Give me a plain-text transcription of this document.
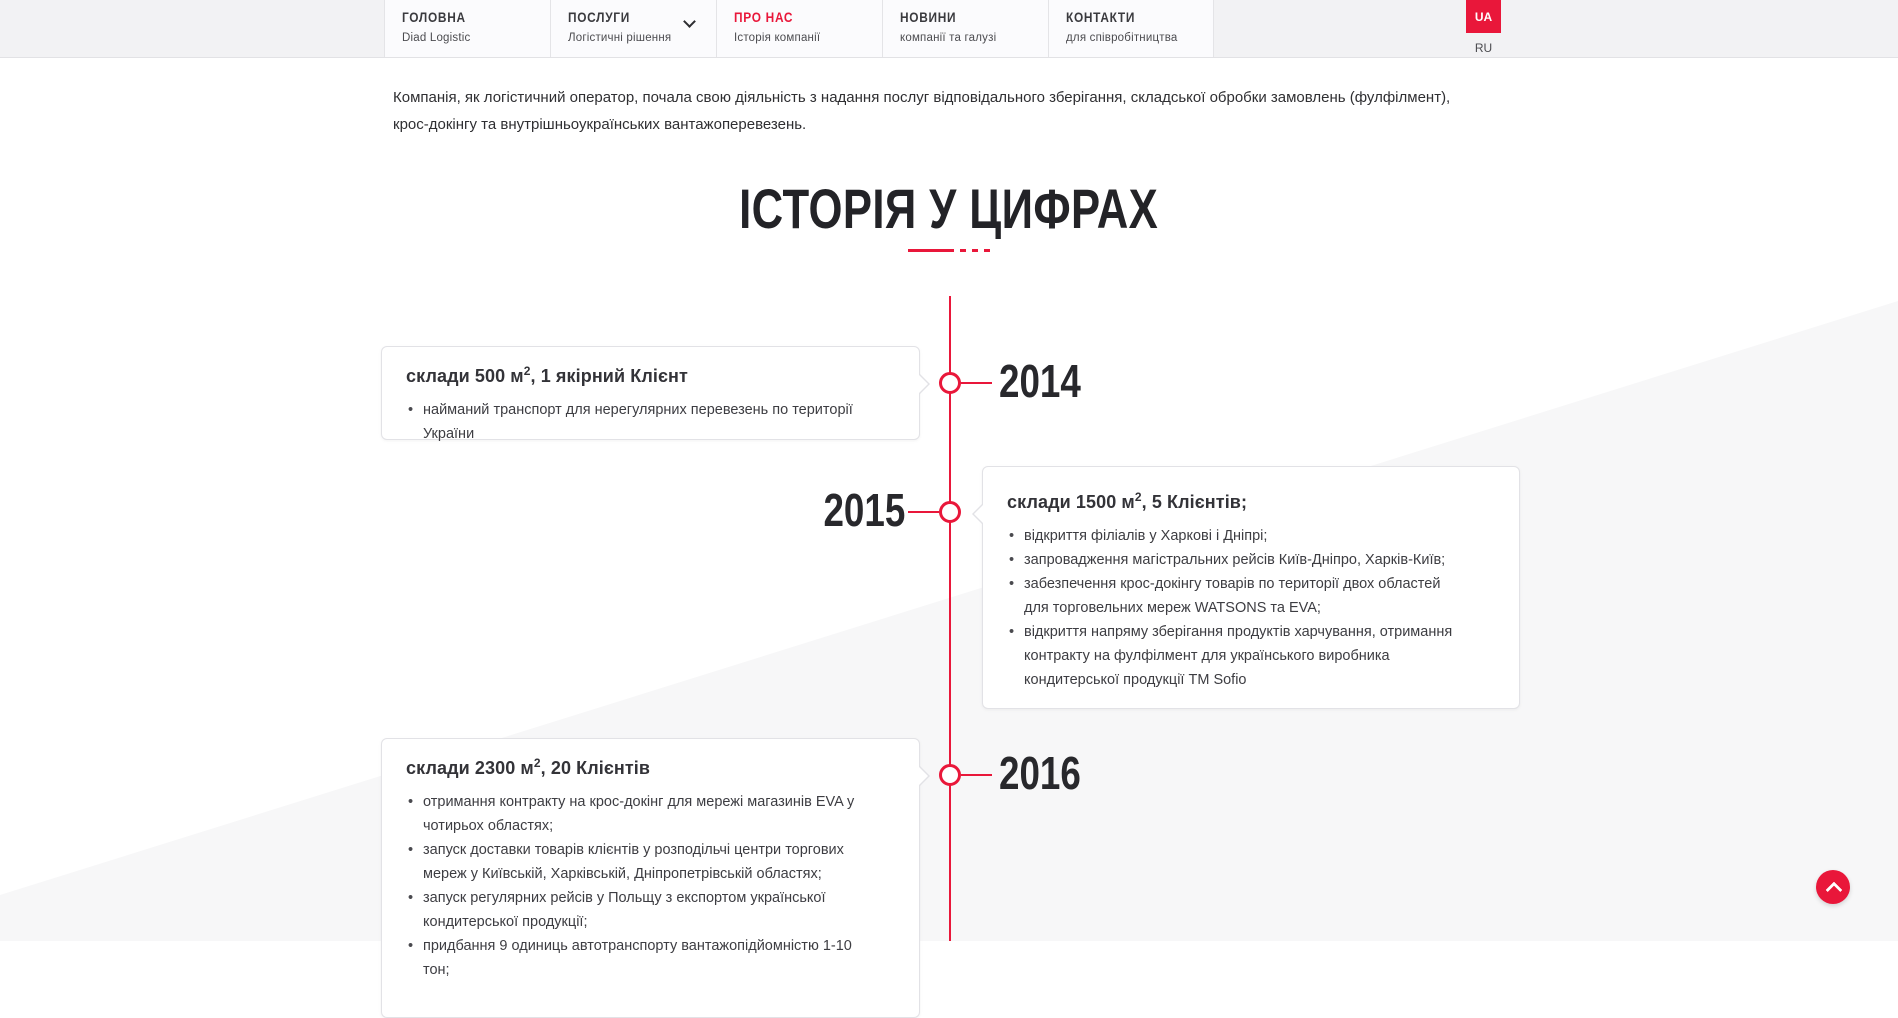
ГОЛОВНА
Diad Logistic
ПОСЛУГИ
Логістичні рішення
ПРО НАС
Історія компанії
НОВИНИ
компанії та галузі
КОНТАКТИ
для співробітництва
UA
RU
Компанія, як логістичний оператор, почала свою діяльність з надання послуг відповідального зберігання, складської обробки замовлень (фулфілмент), крос-докінгу та внутрішньоукраїнських вантажоперевезень.
ІСТОРІЯ У ЦИФРАХ
2014
2015
2016
склади 500 $м^2$, 1 якірний Клієнт
• найманий транспорт для нерегулярних перевезень по території України
склади 1500 $м^2$, 5 Клієнтів;
• відкриття філіалів у Харкові і Дніпрі;
• запровадження магістральних рейсів Київ-Дніпро, Харків-Київ;
• забезпечення крос-докінгу товарів по території двох областей для торговельних мереж WATSONS та EVA;
• відкриття напряму зберігання продуктів харчування, отримання контракту на фулфілмент для українського виробника кондитерської продукції ТМ Sofio
склади 2300 $м^2$, 20 Клієнтів
• отримання контракту на крос-докінг для мережі магазинів EVA у чотирьох областях;
• запуск доставки товарів клієнтів у розподільчі центри торгових мереж у Київській, Харківській, Дніпропетрівській областях;
• запуск регулярних рейсів у Польщу з експортом української кондитерської продукції;
• придбання 9 одиниць автотранспорту вантажопідйомністю 1-10 тон;
